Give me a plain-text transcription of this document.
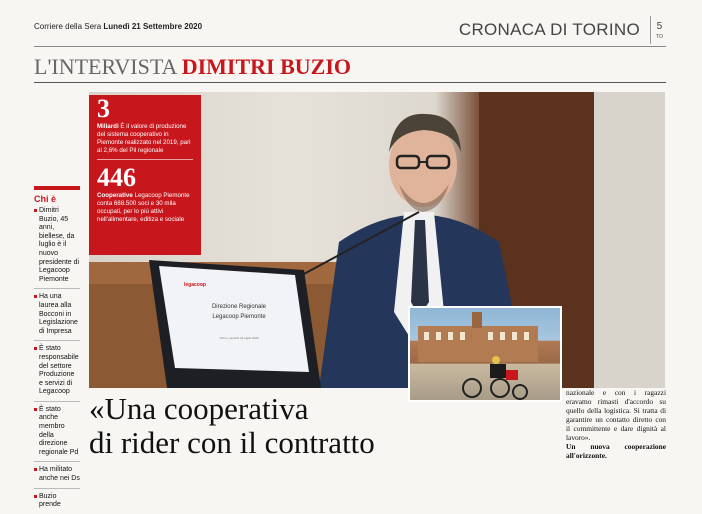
Corriere della Sera Lunedì 21 Settembre 2020	CRONACA DI TORINO 5
TO
L'INTERVISTA DIMITRI BUZIO
Chi è
Dimitri Buzio, 45 anni, biellese, da luglio è il nuovo presidente di Legacoop Piemonte
Ha una laurea alla Bocconi in Legislazione di Impresa
È stato responsabile del settore Produzione e servizi di Legacoop
È stato anche membro della direzione regionale Pd
Ha militato anche nei Ds
Buzio prende
legacoop
Direzione Regionale
Legacoop Piemonte
Torino, venerdì 22 luglio 2020
3
Miliardi È il valore di produzione del sistema cooperativo in Piemonte realizzato nel 2019, pari al 2,6% del Pil regionale
446
Cooperative Legacoop Piemonte conta 688.500 soci e 30 mila occupati, per lo più attivi nell'alimentare, editiza e sociale
«Una cooperativa
di rider con il contratto
nazionale e con i ragazzi eravamo rimasti d'accordo su quello della logistica. Si tratta di garantire un contatto diretto con il committente e dare dignità al lavoro».
Un nuova cooperazione all'orizzonte.
